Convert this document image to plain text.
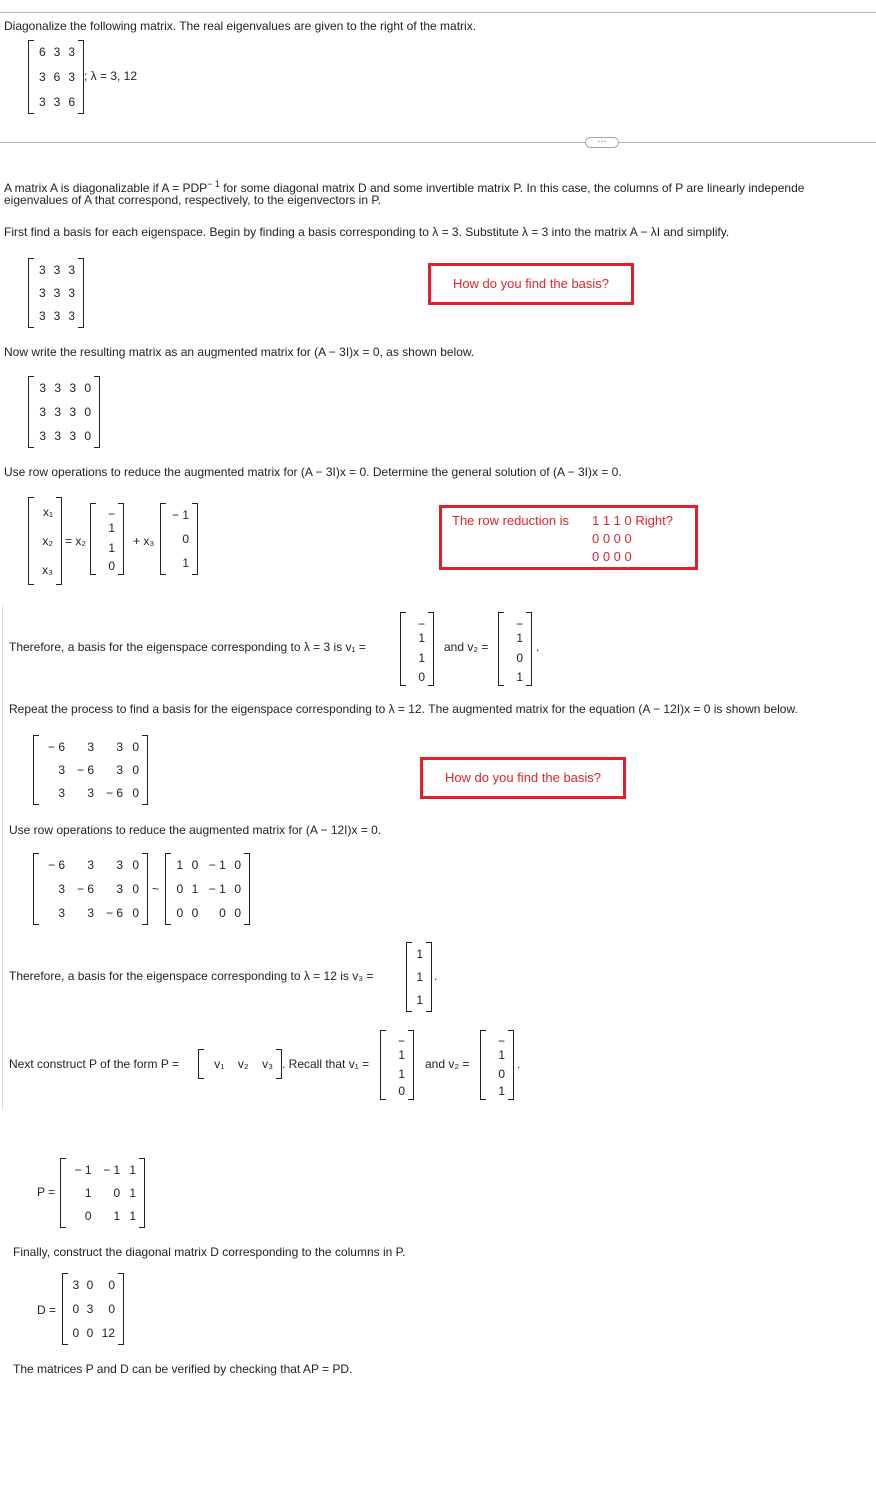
Diagonalize the following matrix. The real eigenvalues are given to the right of the matrix.
6	3	3
3	6	3
3	3	6
; λ = 3, 12
···
A matrix A is diagonalizable if $A = PDP^{- 1}$ for some diagonal matrix D and some invertible matrix P. In this case, the columns of P are linearly independe
eigenvalues of A that correspond, respectively, to the eigenvectors in P.
First find a basis for each eigenspace. Begin by finding a basis corresponding to λ = 3. Substitute λ = 3 into the matrix A − λI and simplify.
3	3	3
3	3	3
3	3	3
How do you find the basis?
Now write the resulting matrix as an augmented matrix for (A − 3I)x = 0, as shown below.
3	3	3	0
3	3	3	0
3	3	3	0
Use row operations to reduce the augmented matrix for (A − 3I)x = 0. Determine the general solution of (A − 3I)x = 0.
x₁
x₂
x₃
= x₂
− 1
1
0
+ x₃
− 1
0
1
The row reduction is 1 1 1 0 Right?
0 0 0 0
0 0 0 0
Therefore, a basis for the eigenspace corresponding to λ = 3 is v₁ =
− 1
1
0
and v₂ =
− 1
0
1
.
Repeat the process to find a basis for the eigenspace corresponding to λ = 12. The augmented matrix for the equation (A − 12I)x = 0 is shown below.
− 6	3	3	0
3	− 6	3	0
3	3	− 6	0
How do you find the basis?
Use row operations to reduce the augmented matrix for (A − 12I)x = 0.
− 6	3	3	0
3	− 6	3	0
3	3	− 6	0
~
1	0	− 1	0
0	1	− 1	0
0	0	0	0
Therefore, a basis for the eigenspace corresponding to λ = 12 is v₃ =
1
1
1
.
Next construct P of the form P =	v₁	v₂	v₃ . Recall that v₁ =
− 1
1
0
and v₂ =
− 1
0
1
.
P =
− 1	− 1	1
1	0	1
0	1	1
Finally, construct the diagonal matrix D corresponding to the columns in P.
D =
3	0	0
0	3	0
0	0	12
The matrices P and D can be verified by checking that AP = PD.
